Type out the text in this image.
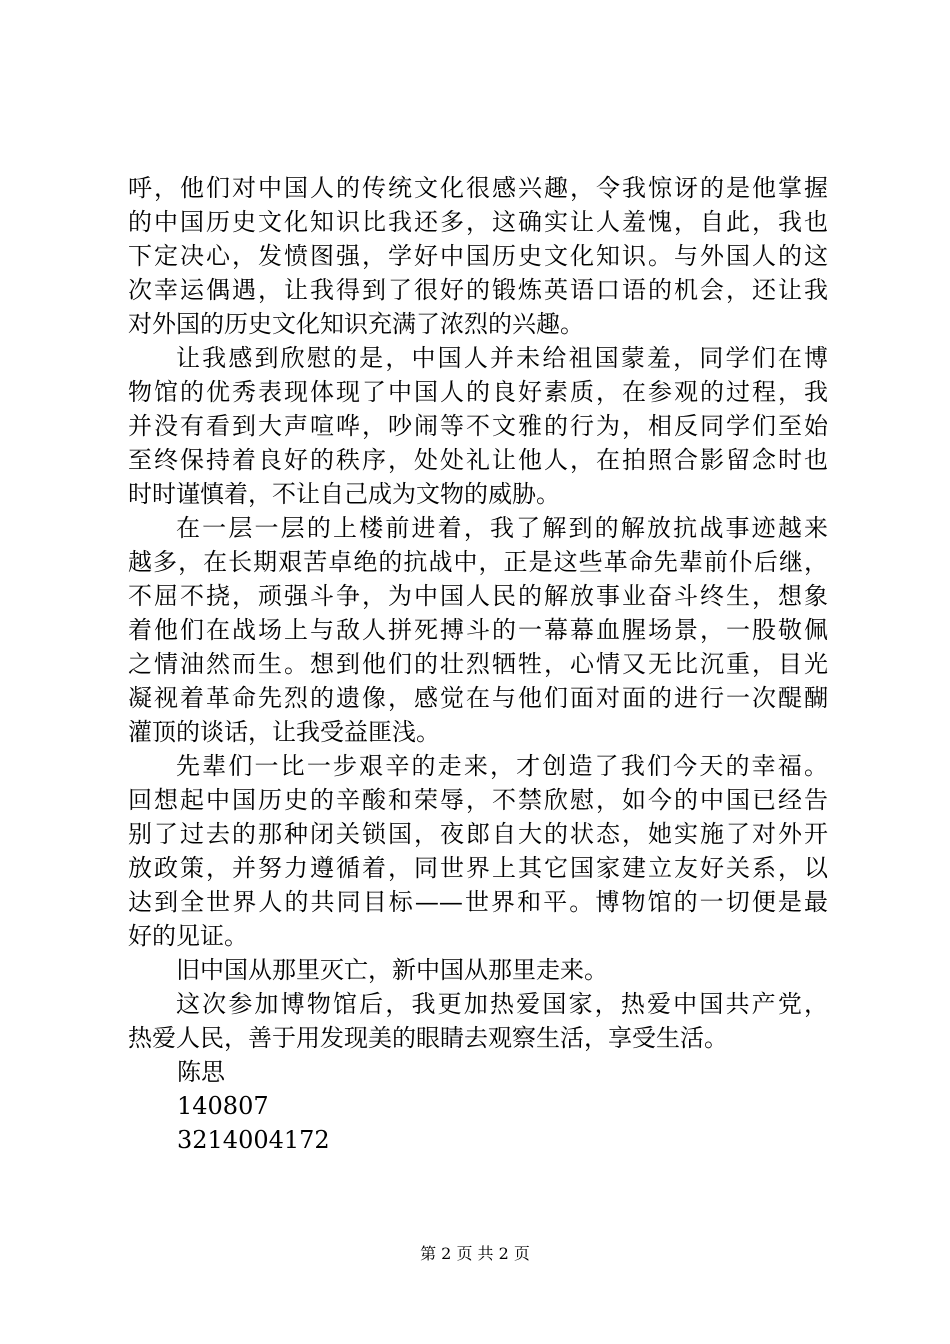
呼，他们对中国人的传统文化很感兴趣，令我惊讶的是他掌握
的中国历史文化知识比我还多，这确实让人羞愧，自此，我也
下定决心，发愤图强，学好中国历史文化知识。与外国人的这
次幸运偶遇，让我得到了很好的锻炼英语口语的机会，还让我
对外国的历史文化知识充满了浓烈的兴趣。
让我感到欣慰的是，中国人并未给祖国蒙羞，同学们在博
物馆的优秀表现体现了中国人的良好素质，在参观的过程，我
并没有看到大声喧哗，吵闹等不文雅的行为，相反同学们至始
至终保持着良好的秩序，处处礼让他人，在拍照合影留念时也
时时谨慎着，不让自己成为文物的威胁。
在一层一层的上楼前进着，我了解到的解放抗战事迹越来
越多，在长期艰苦卓绝的抗战中，正是这些革命先辈前仆后继，
不屈不挠，顽强斗争，为中国人民的解放事业奋斗终生，想象
着他们在战场上与敌人拼死搏斗的一幕幕血腥场景，一股敬佩
之情油然而生。想到他们的壮烈牺牲，心情又无比沉重，目光
凝视着革命先烈的遗像，感觉在与他们面对面的进行一次醍醐
灌顶的谈话，让我受益匪浅。
先辈们一比一步艰辛的走来，才创造了我们今天的幸福。
回想起中国历史的辛酸和荣辱，不禁欣慰，如今的中国已经告
别了过去的那种闭关锁国，夜郎自大的状态，她实施了对外开
放政策，并努力遵循着，同世界上其它国家建立友好关系，以
达到全世界人的共同目标——世界和平。博物馆的一切便是最
好的见证。
旧中国从那里灭亡，新中国从那里走来。
这次参加博物馆后，我更加热爱国家，热爱中国共产党，
热爱人民，善于用发现美的眼睛去观察生活，享受生活。
陈思
140807
3214004172
第 2 页 共 2 页
